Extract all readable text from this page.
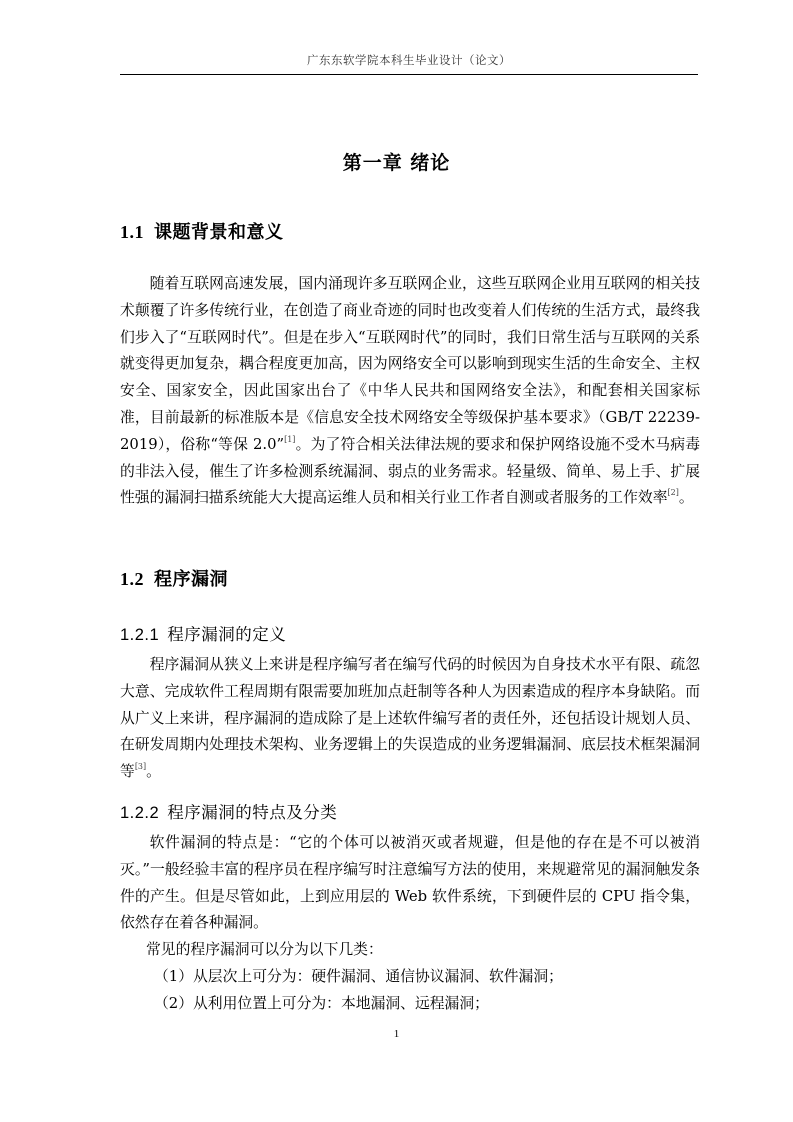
广东东软学院本科生毕业设计（论文）
第一章 绪论
1.1 课题背景和意义
随着互联网高速发展，国内涌现许多互联网企业，这些互联网企业用互联网的相关技术颠覆了许多传统行业，在创造了商业奇迹的同时也改变着人们传统的生活方式，最终我们步入了“互联网时代”。但是在步入“互联网时代”的同时，我们日常生活与互联网的关系就变得更加复杂，耦合程度更加高，因为网络安全可以影响到现实生活的生命安全、主权安全、国家安全，因此国家出台了《中华人民共和国网络安全法》，和配套相关国家标准，目前最新的标准版本是《信息安全技术网络安全等级保护基本要求》（GB/T 22239-2019），俗称“等保 2.0”[1]。为了符合相关法律法规的要求和保护网络设施不受木马病毒的非法入侵，催生了许多检测系统漏洞、弱点的业务需求。轻量级、简单、易上手、扩展性强的漏洞扫描系统能大大提高运维人员和相关行业工作者自测或者服务的工作效率[2]。
1.2 程序漏洞
1.2.1 程序漏洞的定义
程序漏洞从狭义上来讲是程序编写者在编写代码的时候因为自身技术水平有限、疏忽大意、完成软件工程周期有限需要加班加点赶制等各种人为因素造成的程序本身缺陷。而从广义上来讲，程序漏洞的造成除了是上述软件编写者的责任外，还包括设计规划人员、在研发周期内处理技术架构、业务逻辑上的失误造成的业务逻辑漏洞、底层技术框架漏洞等[3]。
1.2.2 程序漏洞的特点及分类
软件漏洞的特点是：“它的个体可以被消灭或者规避，但是他的存在是不可以被消灭。”一般经验丰富的程序员在程序编写时注意编写方法的使用，来规避常见的漏洞触发条件的产生。但是尽管如此，上到应用层的 Web 软件系统，下到硬件层的 CPU 指令集，依然存在着各种漏洞。
常见的程序漏洞可以分为以下几类：
（1）从层次上可分为：硬件漏洞、通信协议漏洞、软件漏洞；
（2）从利用位置上可分为：本地漏洞、远程漏洞；
1
